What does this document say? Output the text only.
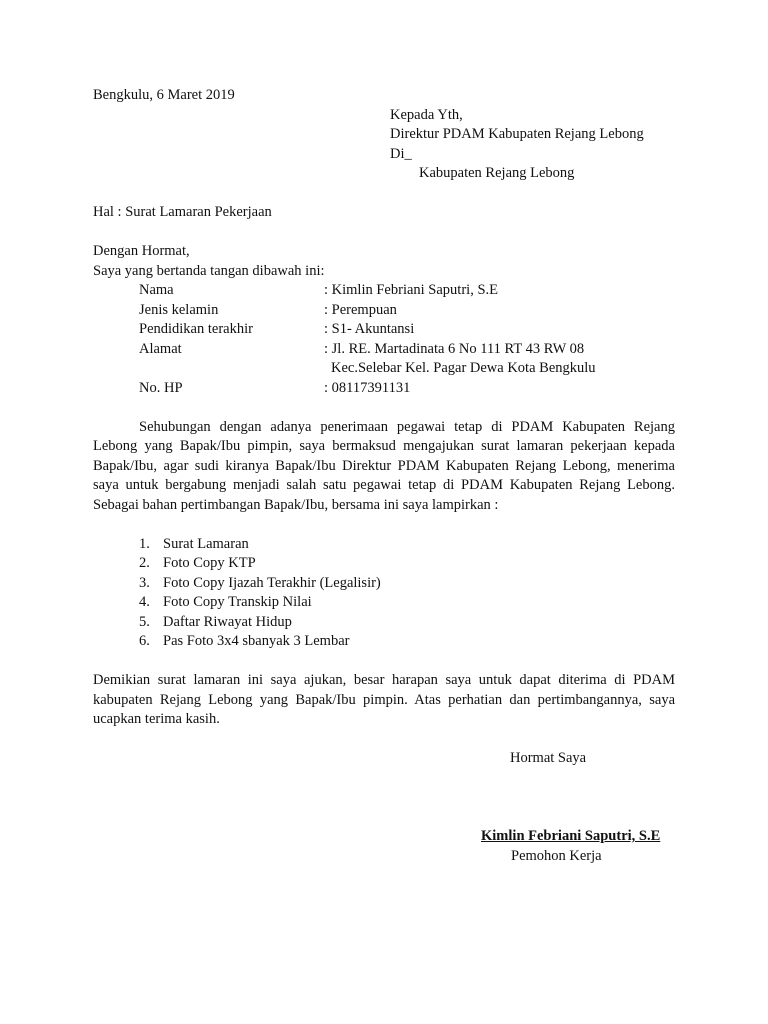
Bengkulu, 6 Maret 2019
Kepada Yth,
Direktur PDAM Kabupaten Rejang Lebong
Di_
Kabupaten Rejang Lebong
Hal : Surat Lamaran Pekerjaan
Dengan Hormat,
Saya yang bertanda tangan dibawah ini:
Nama	: Kimlin Febriani Saputri, S.E
Jenis kelamin	: Perempuan
Pendidikan terakhir	: S1- Akuntansi
Alamat	: Jl. RE. Martadinata 6 No 111 RT 43 RW 08
	Kec.Selebar Kel. Pagar Dewa Kota Bengkulu
No. HP	: 08117391131

Sehubungan dengan adanya penerimaan pegawai tetap di PDAM Kabupaten Rejang Lebong yang Bapak/Ibu pimpin, saya bermaksud mengajukan surat lamaran pekerjaan kepada Bapak/Ibu, agar sudi kiranya Bapak/Ibu Direktur PDAM Kabupaten Rejang Lebong, menerima saya untuk bergabung menjadi salah satu pegawai tetap di PDAM Kabupaten Rejang Lebong. Sebagai bahan pertimbangan Bapak/Ibu, bersama ini saya lampirkan :

1. Surat Lamaran
2. Foto Copy KTP
3. Foto Copy Ijazah Terakhir (Legalisir)
4. Foto Copy Transkip Nilai
5. Daftar Riwayat Hidup
6. Pas Foto 3x4 sbanyak 3 Lembar

Demikian surat lamaran ini saya ajukan, besar harapan saya untuk dapat diterima di PDAM kabupaten Rejang Lebong yang Bapak/Ibu pimpin. Atas perhatian dan pertimbangannya, saya ucapkan terima kasih.

Hormat Saya
Kimlin Febriani Saputri, S.E
Pemohon Kerja
